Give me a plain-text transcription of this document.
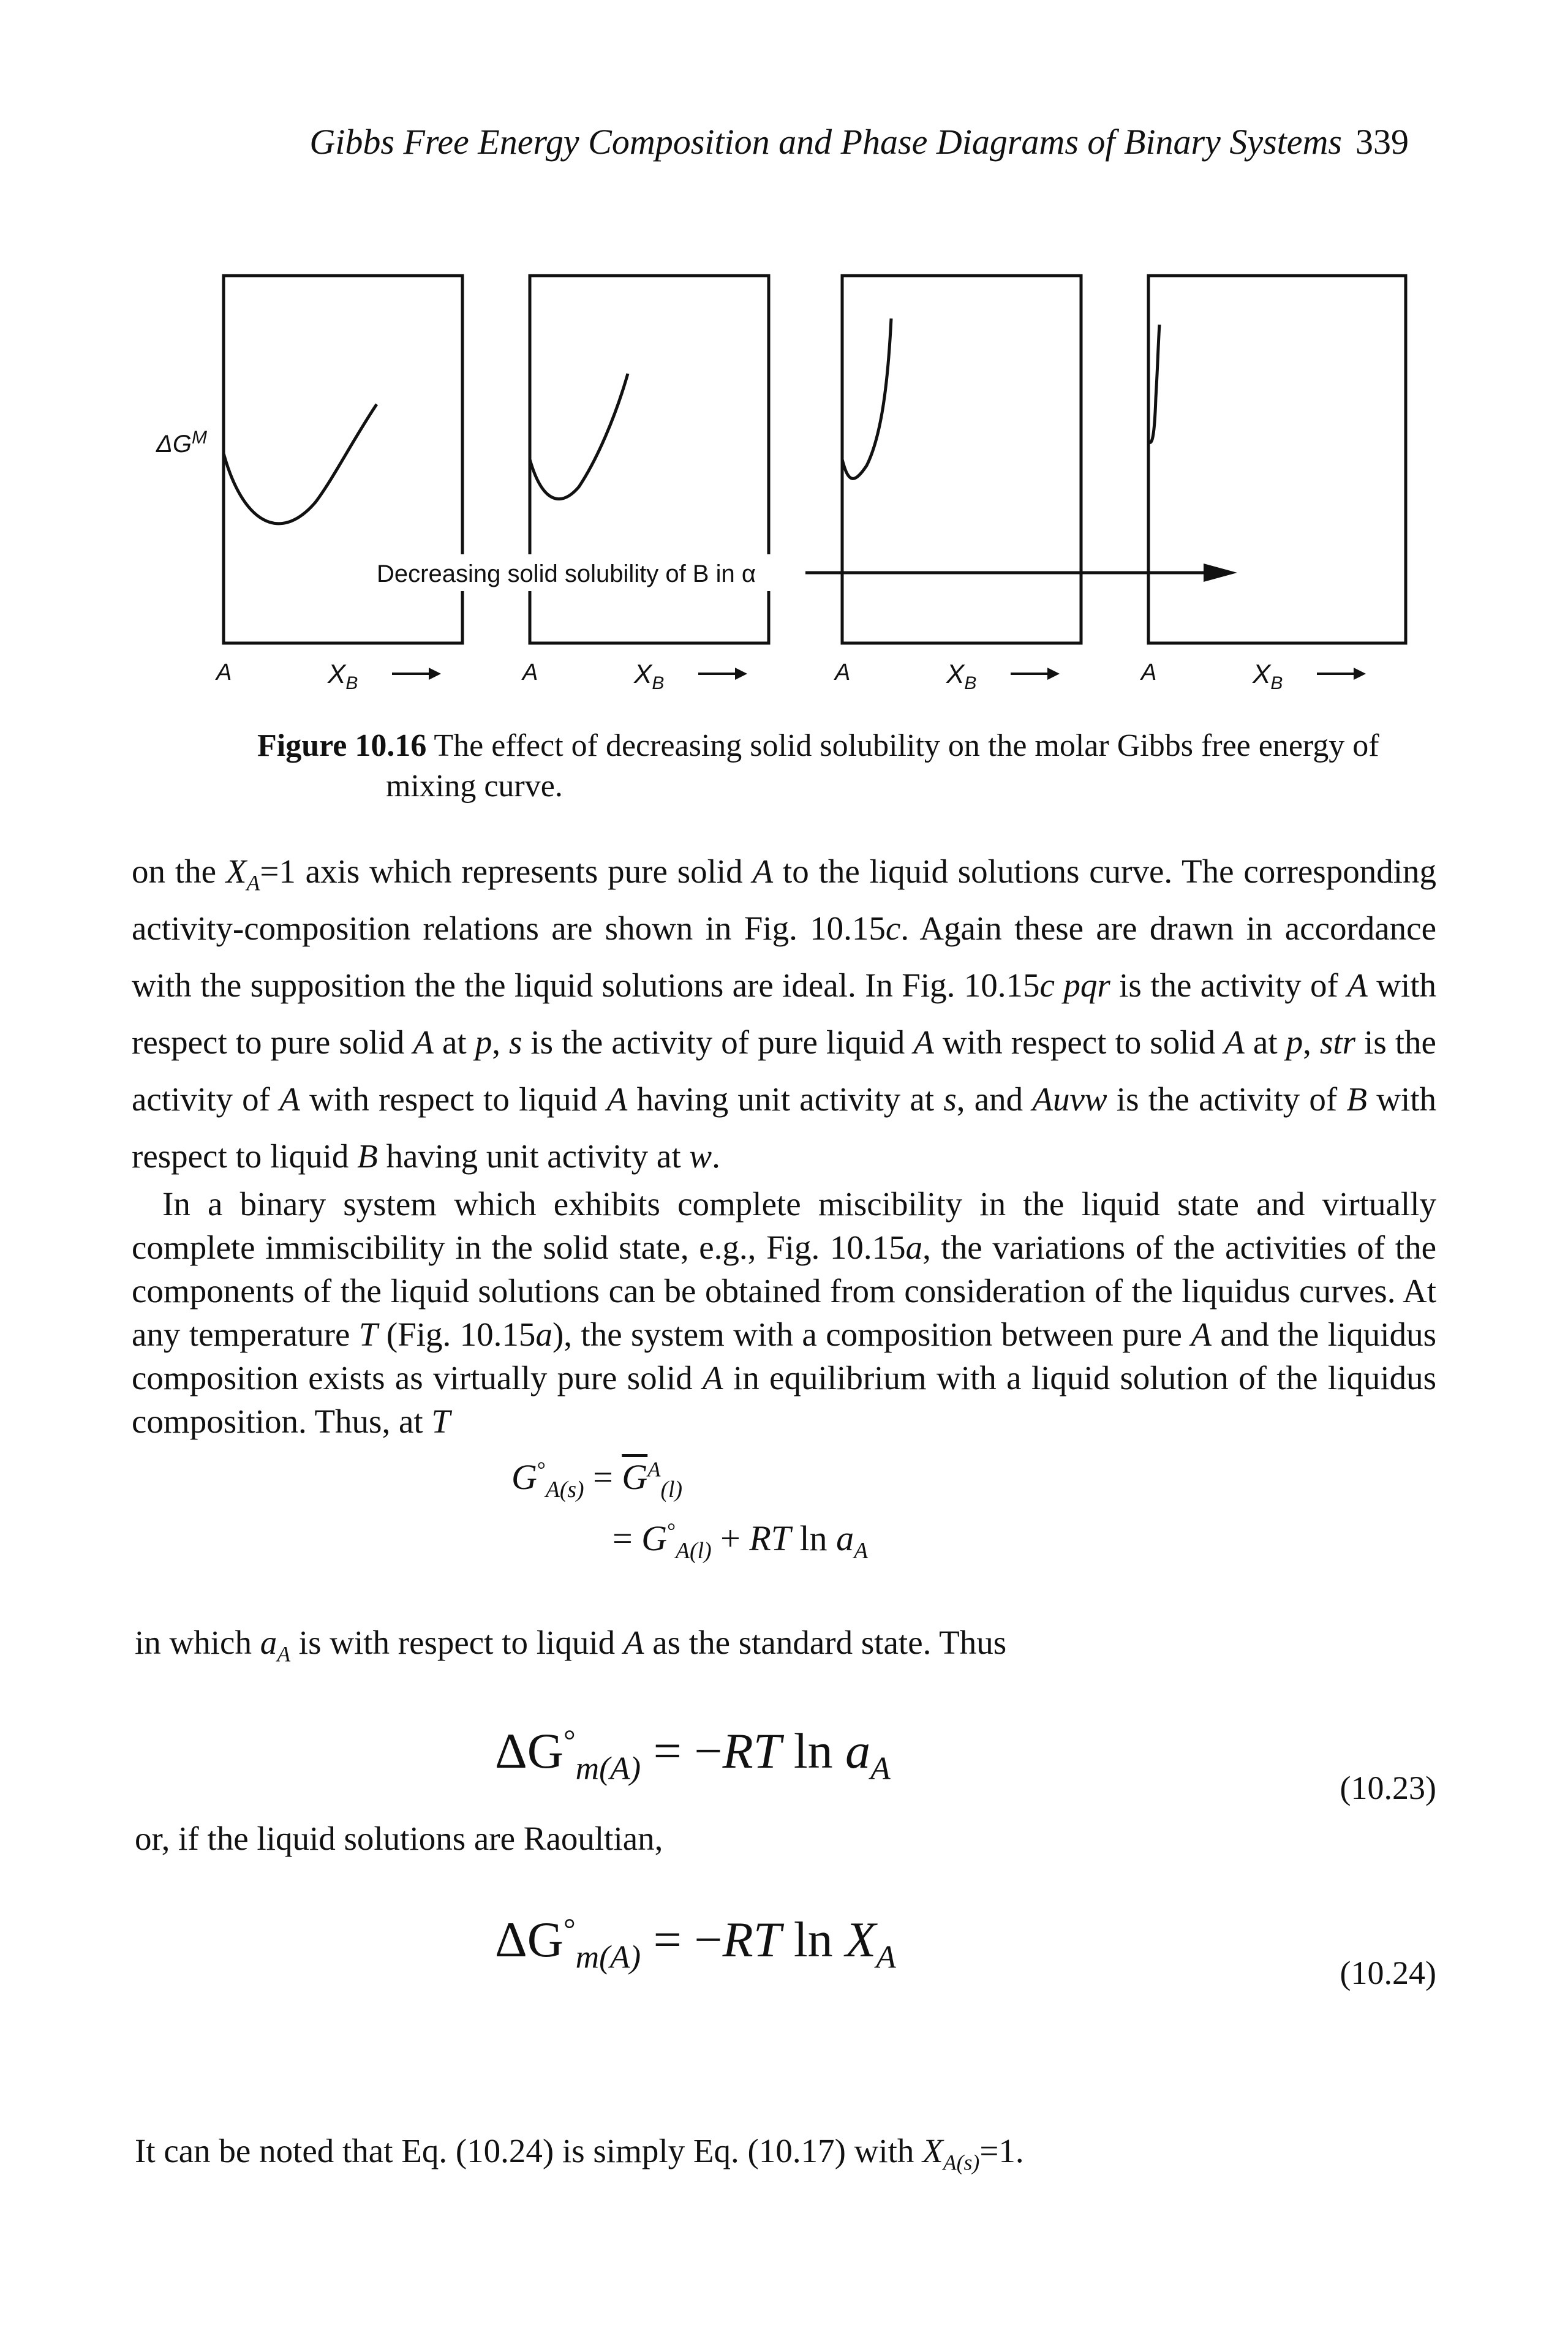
Gibbs Free Energy Composition and Phase Diagrams of Binary Systems 339
$\Delta G^M$
Decreasing solid solubility of B in α
A	$X_B$	A	$X_B$	A	$X_B$	A	$X_B$
Figure 10.16 The effect of decreasing solid solubility on the molar Gibbs free energy of mixing curve.
on the $X_A=1$ axis which represents pure solid A to the liquid solutions curve. The corresponding activity-composition relations are shown in Fig. 10.15c. Again these are drawn in accordance with the supposition the the liquid solutions are ideal. In Fig. 10.15c pqr is the activity of A with respect to pure solid A at p, s is the activity of pure liquid A with respect to solid A at p, str is the activity of A with respect to liquid A having unit activity at s, and Auvw is the activity of B with respect to liquid B having unit activity at w.
In a binary system which exhibits complete miscibility in the liquid state and virtually complete immiscibility in the solid state, e.g., Fig. 10.15a, the variations of the activities of the components of the liquid solutions can be obtained from consideration of the liquidus curves. At any temperature T (Fig. 10.15a), the system with a composition between pure A and the liquidus composition exists as virtually pure solid A in equilibrium with a liquid solution of the liquidus composition. Thus, at T
$G^\circ_{A(s)} = \overline{G}^A_{(l)}$
= $G^\circ_{A(l)}$ + RT $\ln a_A$
in which $a_A$ is with respect to liquid A as the standard state. Thus
$\Delta G^\circ_{m(A)} = -RT$ $\ln a_A$
(10.23)
or, if the liquid solutions are Raoultian,
$\Delta G^\circ_{m(A)} = -RT$ $\ln X_A$	(10.24)
It can be noted that Eq. (10.24) is simply Eq. (10.17) with $X_{A(s)}=1$.
